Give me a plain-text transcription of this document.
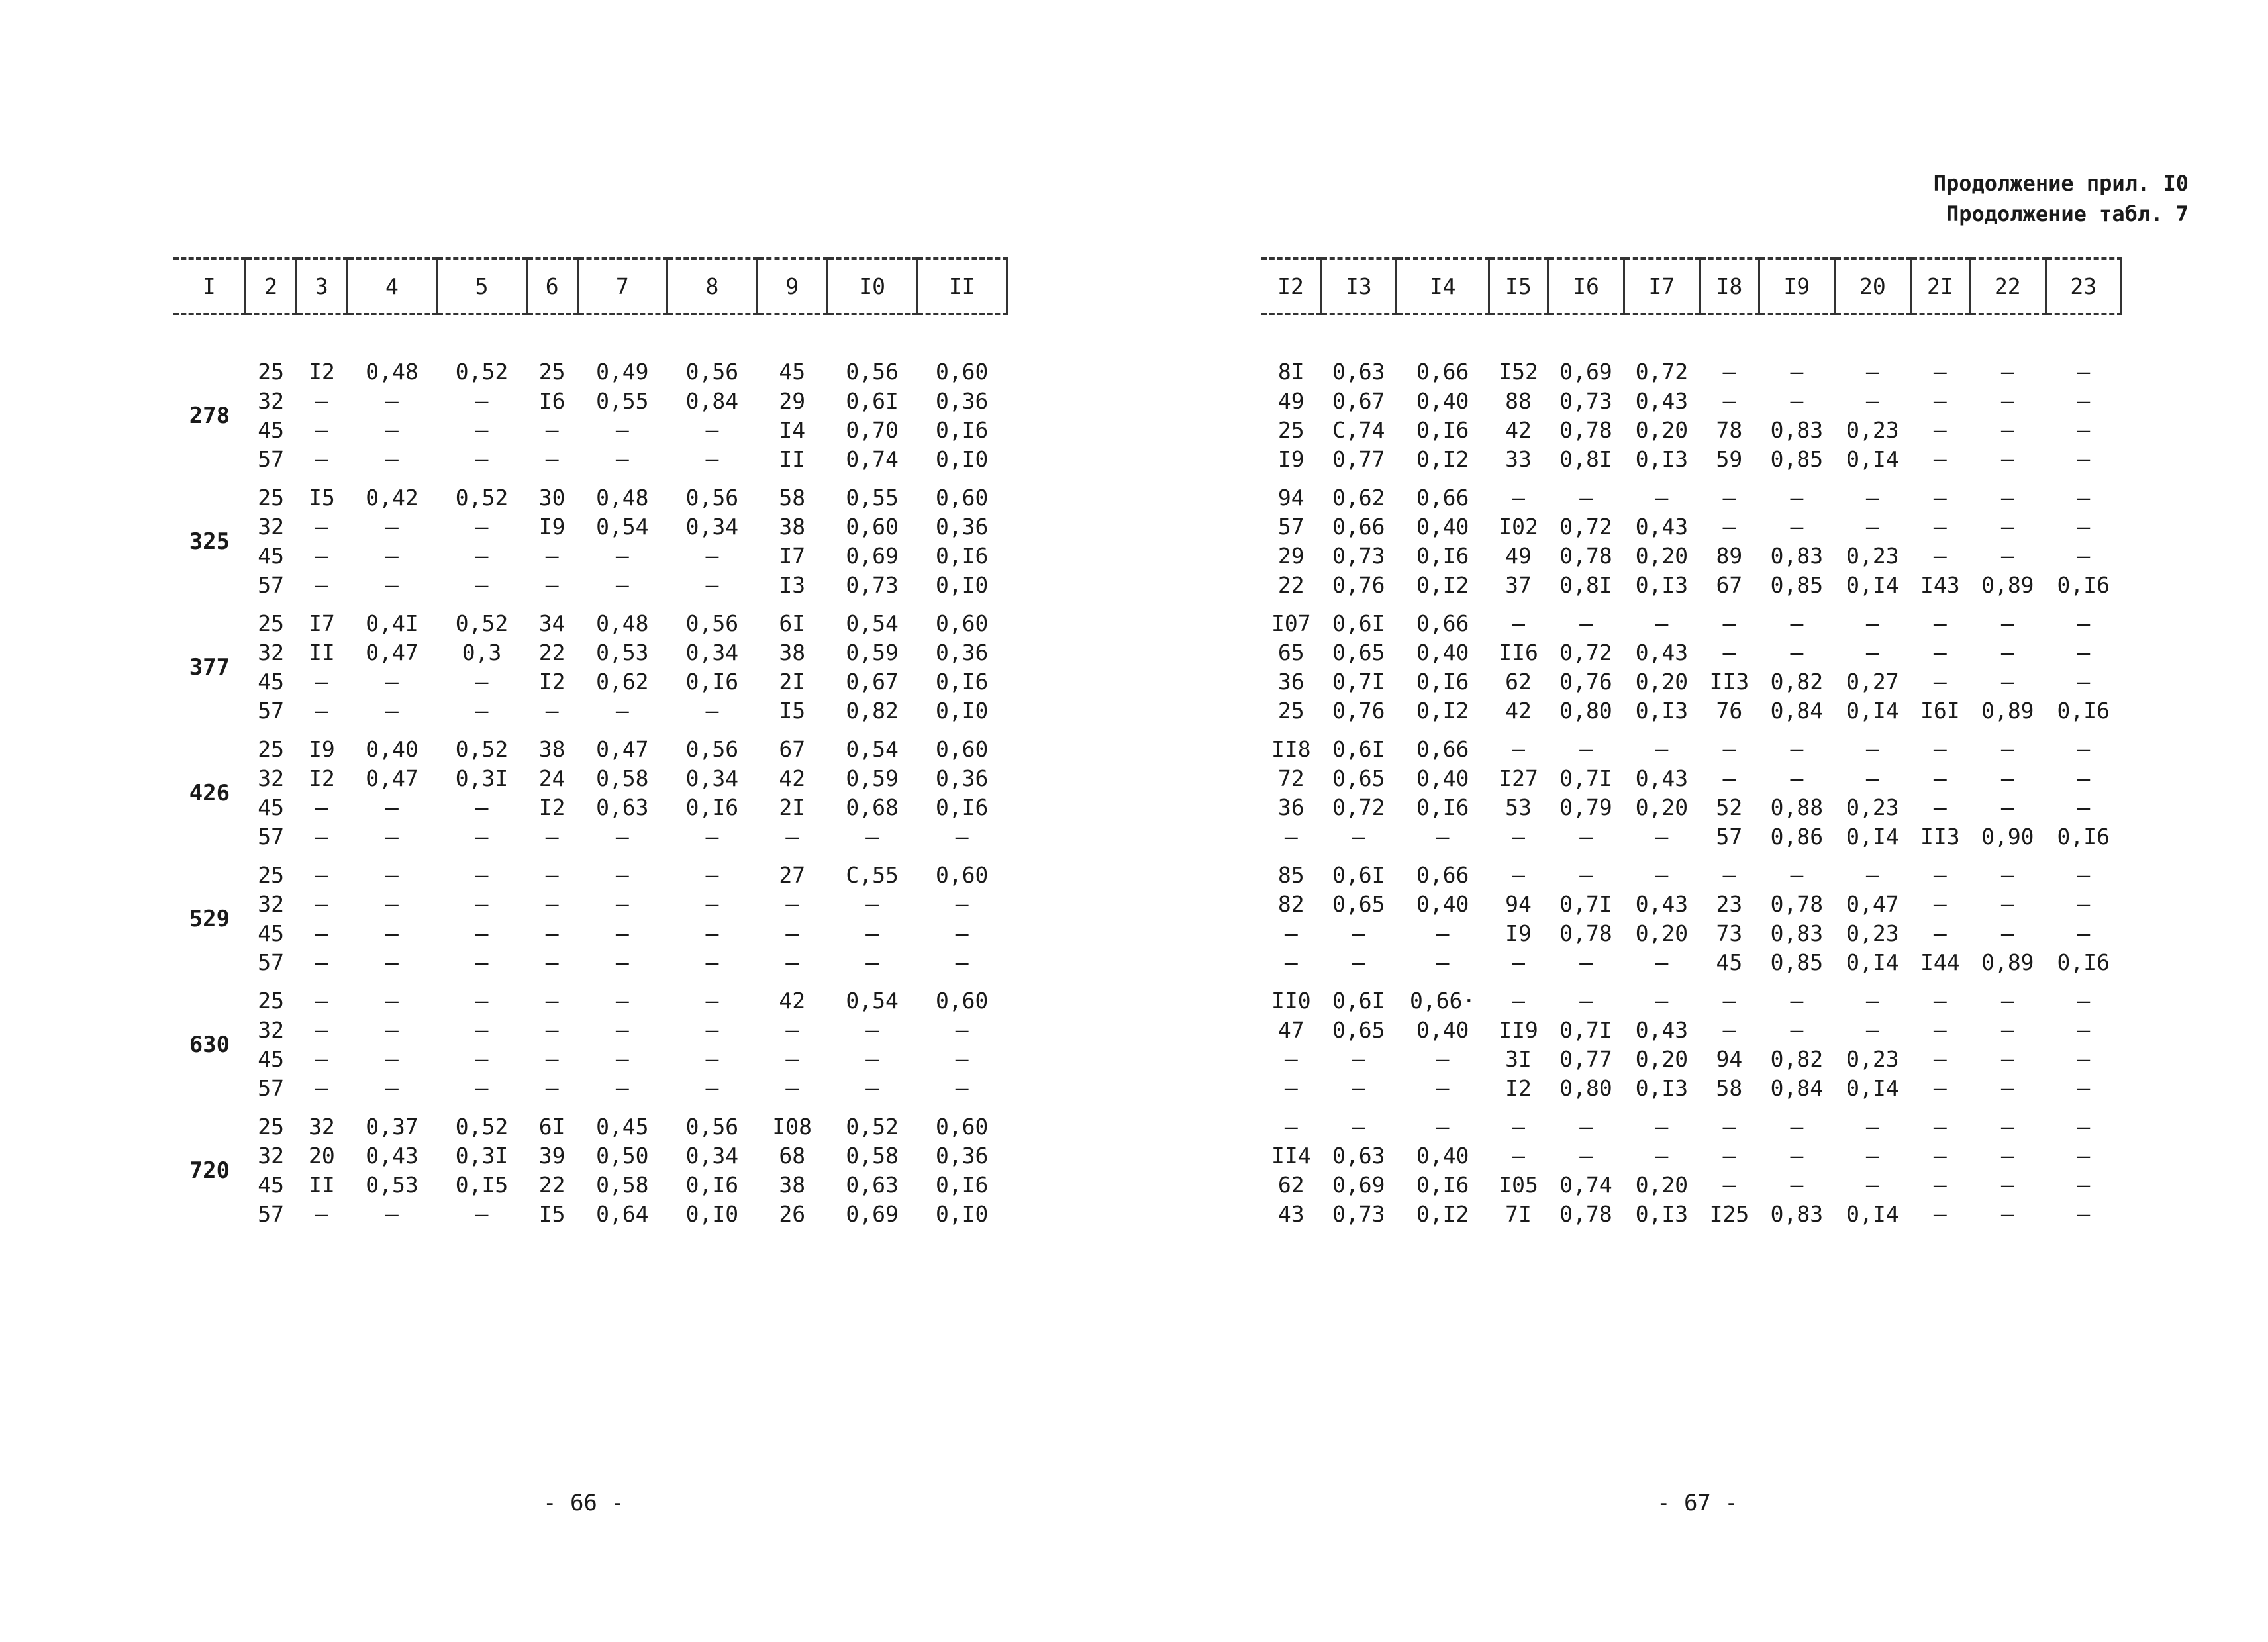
I	2	3	4	5	6	7	8	9	I0	II

278	25	I2	0,48	0,52	25	0,49	0,56	45	0,56	0,60
	32	—	—	—	I6	0,55	0,84	29	0,6I	0,36
	45	—	—	—	—	—	—	I4	0,70	0,I6
	57	—	—	—	—	—	—	II	0,74	0,I0

325	25	I5	0,42	0,52	30	0,48	0,56	58	0,55	0,60
	32	—	—	—	I9	0,54	0,34	38	0,60	0,36
	45	—	—	—	—	—	—	I7	0,69	0,I6
	57	—	—	—	—	—	—	I3	0,73	0,I0

377	25	I7	0,4I	0,52	34	0,48	0,56	6I	0,54	0,60
	32	II	0,47	0,3	22	0,53	0,34	38	0,59	0,36
	45	—	—	—	I2	0,62	0,I6	2I	0,67	0,I6
	57	—	—	—	—	—	—	I5	0,82	0,I0

426	25	I9	0,40	0,52	38	0,47	0,56	67	0,54	0,60
	32	I2	0,47	0,3I	24	0,58	0,34	42	0,59	0,36
	45	—	—	—	I2	0,63	0,I6	2I	0,68	0,I6
	57	—	—	—	—	—	—	—	—	—

529	25	—	—	—	—	—	—	27	C,55	0,60
	32	—	—	—	—	—	—	—	—	—
	45	—	—	—	—	—	—	—	—	—
	57	—	—	—	—	—	—	—	—	—

630	25	—	—	—	—	—	—	42	0,54	0,60
	32	—	—	—	—	—	—	—	—	—
	45	—	—	—	—	—	—	—	—	—
	57	—	—	—	—	—	—	—	—	—

720	25	32	0,37	0,52	6I	0,45	0,56	I08	0,52	0,60
	32	20	0,43	0,3I	39	0,50	0,34	68	0,58	0,36
	45	II	0,53	0,I5	22	0,58	0,I6	38	0,63	0,I6
	57	—	—	—	I5	0,64	0,I0	26	0,69	0,I0
- 66 -
Продолжение прил. I0
Продолжение табл. 7
I2	I3	I4	I5	I6	I7	I8	I9	20	2I	22	23

8I	0,63	0,66	I52	0,69	0,72	—	—	—	—	—	—
49	0,67	0,40	88	0,73	0,43	—	—	—	—	—	—
25	C,74	0,I6	42	0,78	0,20	78	0,83	0,23	—	—	—
I9	0,77	0,I2	33	0,8I	0,I3	59	0,85	0,I4	—	—	—

94	0,62	0,66	—	—	—	—	—	—	—	—	—
57	0,66	0,40	I02	0,72	0,43	—	—	—	—	—	—
29	0,73	0,I6	49	0,78	0,20	89	0,83	0,23	—	—	—
22	0,76	0,I2	37	0,8I	0,I3	67	0,85	0,I4	I43	0,89	0,I6

I07	0,6I	0,66	—	—	—	—	—	—	—	—	—
65	0,65	0,40	II6	0,72	0,43	—	—	—	—	—	—
36	0,7I	0,I6	62	0,76	0,20	II3	0,82	0,27	—	—	—
25	0,76	0,I2	42	0,80	0,I3	76	0,84	0,I4	I6I	0,89	0,I6

II8	0,6I	0,66	—	—	—	—	—	—	—	—	—
72	0,65	0,40	I27	0,7I	0,43	—	—	—	—	—	—
36	0,72	0,I6	53	0,79	0,20	52	0,88	0,23	—	—	—
—	—	—	—	—	—	57	0,86	0,I4	II3	0,90	0,I6

85	0,6I	0,66	—	—	—	—	—	—	—	—	—
82	0,65	0,40	94	0,7I	0,43	23	0,78	0,47	—	—	—
—	—	—	I9	0,78	0,20	73	0,83	0,23	—	—	—
—	—	—	—	—	—	45	0,85	0,I4	I44	0,89	0,I6

II0	0,6I	0,66·	—	—	—	—	—	—	—	—	—
47	0,65	0,40	II9	0,7I	0,43	—	—	—	—	—	—
—	—	—	3I	0,77	0,20	94	0,82	0,23	—	—	—
—	—	—	I2	0,80	0,I3	58	0,84	0,I4	—	—	—

—	—	—	—	—	—	—	—	—	—	—	—
II4	0,63	0,40	—	—	—	—	—	—	—	—	—
62	0,69	0,I6	I05	0,74	0,20	—	—	—	—	—	—
43	0,73	0,I2	7I	0,78	0,I3	I25	0,83	0,I4	—	—	—
- 67 -
